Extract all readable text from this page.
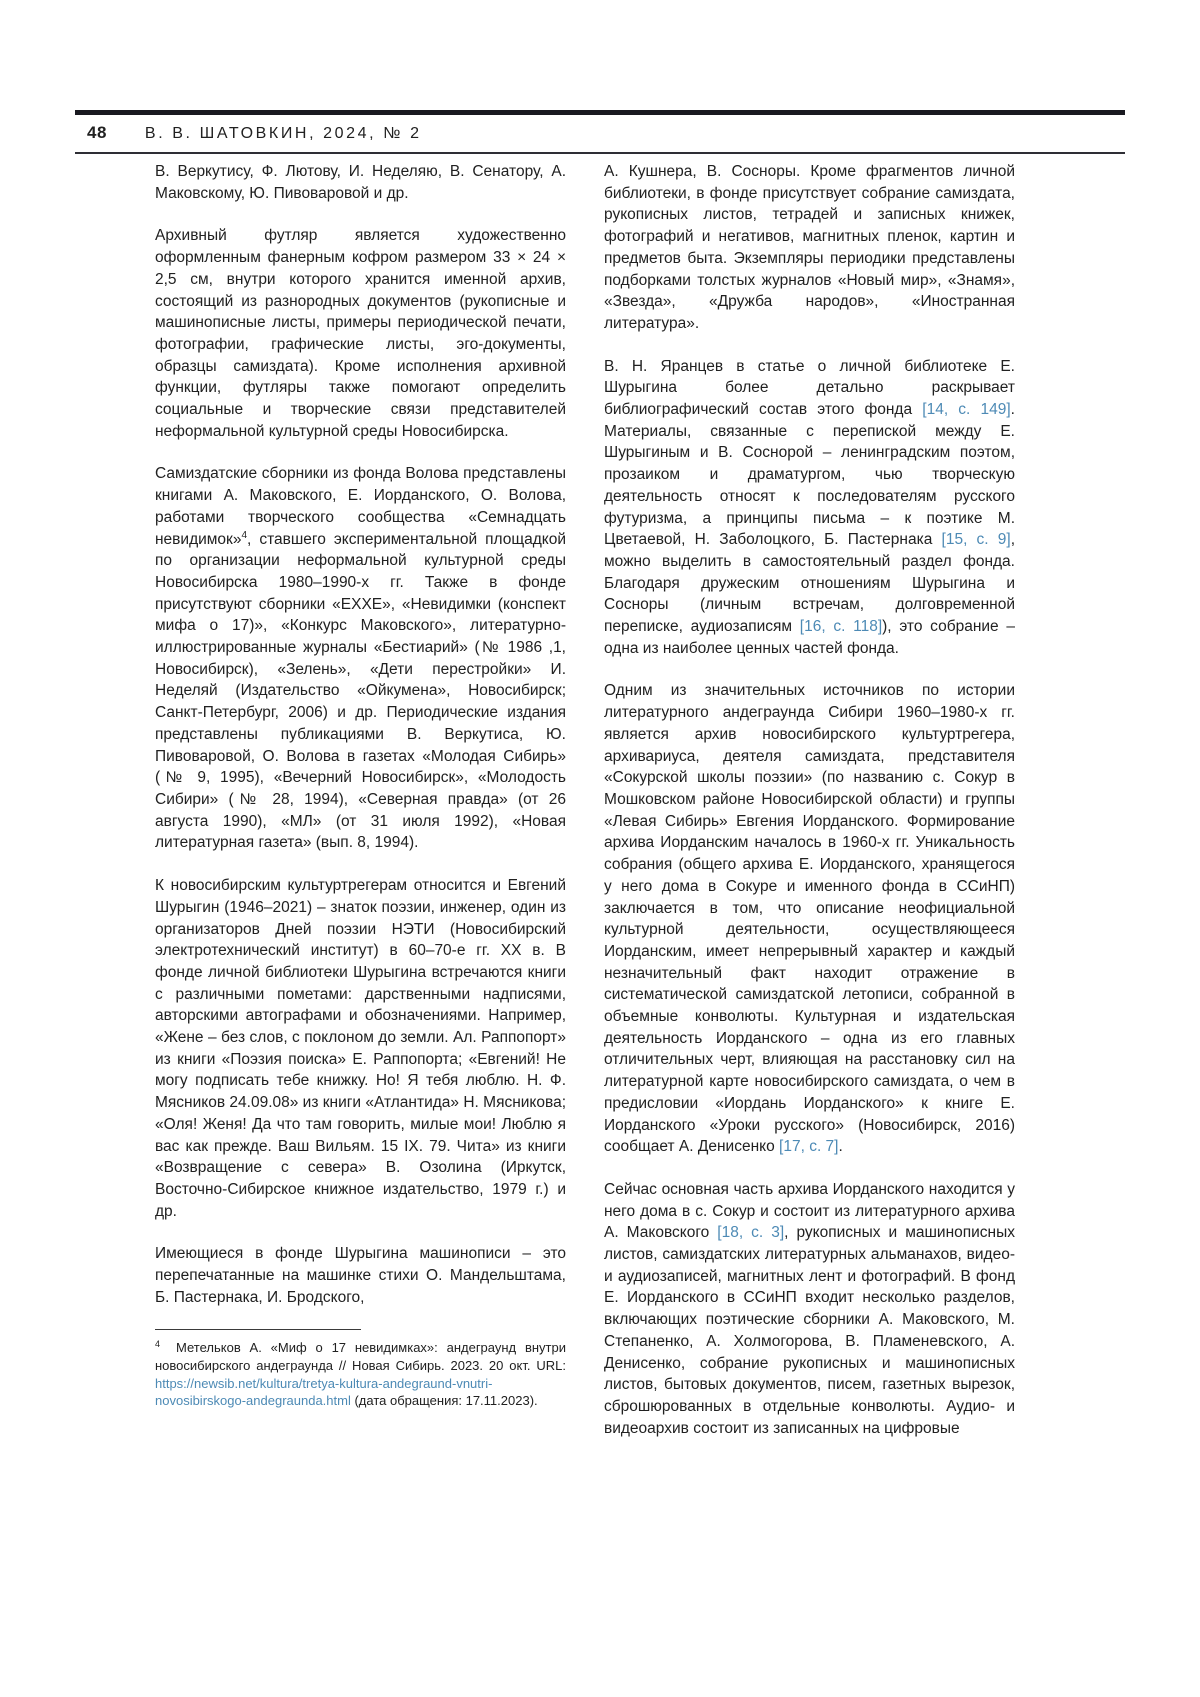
48 В. В. ШАТОВКИН, 2024, № 2

В. Веркутису, Ф. Лютову, И. Неделяю, В. Сенатору, А. Маковскому, Ю. Пивоваровой и др.

Архивный футляр является художественно оформленным фанерным кофром размером 33 × 24 × 2,5 см, внутри которого хранится именной архив, состоящий из разнородных документов (рукописные и машинописные листы, примеры периодической печати, фотографии, графические листы, эго-документы, образцы самиздата). Кроме исполнения архивной функции, футляры также помогают определить социальные и творческие связи представителей неформальной культурной среды Новосибирска.

Самиздатские сборники из фонда Волова представлены книгами А. Маковского, Е. Иорданского, О. Волова, работами творческого сообщества «Семнадцать невидимок»$^4$, ставшего экспериментальной площадкой по организации неформальной культурной среды Новосибирска 1980–1990-х гг. Также в фонде присутствуют сборники «ЕХХЕ», «Невидимки (конспект мифа о 17)», «Конкурс Маковского», литературно-иллюстрированные журналы «Бестиарий» (№ 1986 ,1, Новосибирск), «Зелень», «Дети перестройки» И. Неделяй (Издательство «Ойкумена», Новосибирск; Санкт-Петербург, 2006) и др. Периодические издания представлены публикациями В. Веркутиса, Ю. Пивоваровой, О. Волова в газетах «Молодая Сибирь» (№ 9, 1995), «Вечерний Новосибирск», «Молодость Сибири» (№ 28, 1994), «Северная правда» (от 26 августа 1990), «МЛ» (от 31 июля 1992), «Новая литературная газета» (вып. 8, 1994).

К новосибирским культуртрегерам относится и Евгений Шурыгин (1946–2021) – знаток поэзии, инженер, один из организаторов Дней поэзии НЭТИ (Новосибирский электротехнический институт) в 60–70-е гг. XX в. В фонде личной библиотеки Шурыгина встречаются книги с различными пометами: дарственными надписями, авторскими автографами и обозначениями. Например, «Жене – без слов, с поклоном до земли. Ал. Раппопорт» из книги «Поэзия поиска» Е. Раппопорта; «Евгений! Не могу подписать тебе книжку. Но! Я тебя люблю. Н. Ф. Мясников 24.09.08» из книги «Атлантида» Н. Мясникова; «Оля! Женя! Да что там говорить, милые мои! Люблю я вас как прежде. Ваш Вильям. 15 IX. 79. Чита» из книги «Возвращение с севера» В. Озолина (Иркутск, Восточно-Сибирское книжное издательство, 1979 г.) и др.

Имеющиеся в фонде Шурыгина машинописи – это перепечатанные на машинке стихи О. Мандельштама, Б. Пастернака, И. Бродского,

$^4$ Метельков А. «Миф о 17 невидимках»: андеграунд внутри новосибирского андеграунда // Новая Сибирь. 2023. 20 окт. URL: https://newsib.net/kultura/tretya-kultura-andegraund-vnutri-novosibirskogo-andegraunda.html (дата обращения: 17.11.2023).

А. Кушнера, В. Сосноры. Кроме фрагментов личной библиотеки, в фонде присутствует собрание самиздата, рукописных листов, тетрадей и записных книжек, фотографий и негативов, магнитных пленок, картин и предметов быта. Экземпляры периодики представлены подборками толстых журналов «Новый мир», «Знамя», «Звезда», «Дружба народов», «Иностранная литература».

В. Н. Яранцев в статье о личной библиотеке Е. Шурыгина более детально раскрывает библиографический состав этого фонда [14, с. 149]. Материалы, связанные с перепиской между Е. Шурыгиным и В. Соснорой – ленинградским поэтом, прозаиком и драматургом, чью творческую деятельность относят к последователям русского футуризма, а принципы письма – к поэтике М. Цветаевой, Н. Заболоцкого, Б. Пастернака [15, с. 9], можно выделить в самостоятельный раздел фонда. Благодаря дружеским отношениям Шурыгина и Сосноры (личным встречам, долговременной переписке, аудиозаписям [16, с. 118]), это собрание – одна из наиболее ценных частей фонда.

Одним из значительных источников по истории литературного андеграунда Сибири 1960–1980-х гг. является архив новосибирского культуртрегера, архивариуса, деятеля самиздата, представителя «Сокурской школы поэзии» (по названию с. Сокур в Мошковском районе Новосибирской области) и группы «Левая Сибирь» Евгения Иорданского. Формирование архива Иорданским началось в 1960-х гг. Уникальность собрания (общего архива Е. Иорданского, хранящегося у него дома в Сокуре и именного фонда в ССиНП) заключается в том, что описание неофициальной культурной деятельности, осуществляющееся Иорданским, имеет непрерывный характер и каждый незначительный факт находит отражение в систематической самиздатской летописи, собранной в объемные конволюты. Культурная и издательская деятельность Иорданского – одна из его главных отличительных черт, влияющая на расстановку сил на литературной карте новосибирского самиздата, о чем в предисловии «Иордань Иорданского» к книге Е. Иорданского «Уроки русского» (Новосибирск, 2016) сообщает А. Денисенко [17, с. 7].

Сейчас основная часть архива Иорданского находится у него дома в с. Сокур и состоит из литературного архива А. Маковского [18, с. 3], рукописных и машинописных листов, самиздатских литературных альманахов, видео- и аудиозаписей, магнитных лент и фотографий. В фонд Е. Иорданского в ССиНП входит несколько разделов, включающих поэтические сборники А. Маковского, М. Степаненко, А. Холмогорова, В. Пламеневского, А. Денисенко, собрание рукописных и машинописных листов, бытовых документов, писем, газетных вырезок, сброшюрованных в отдельные конволюты. Аудио- и видеоархив состоит из записанных на цифровые
